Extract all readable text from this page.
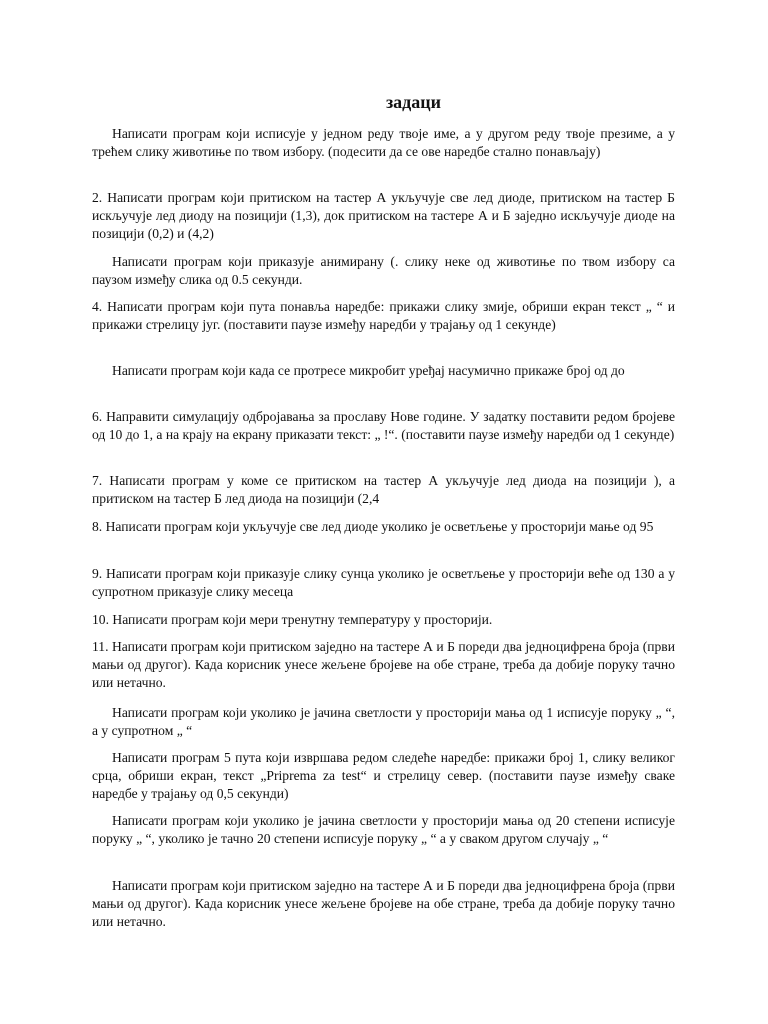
задаци

Написати програм који исписује у једном реду твоје име, а у другом реду твоје презиме, а у трећем слику животиње по твом избору. (подесити да се ове наредбе стално понављају)

2. Написати програм који притиском на тастер А укључује све лед диоде, притиском на тастер Б искључује лед диоду на позицији (1,3), док притиском на тастере А и Б заједно искључује диоде на позицији (0,2) и (4,2)

Написати програм који приказује анимирану (. слику неке од животиње по твом избору са паузом између слика од 0.5 секунди.

4. Написати програм који пута понавља наредбе: прикажи слику змије, обриши екран текст „ “ и прикажи стрелицу југ. (поставити паузе између наредби у трајању од 1 секунде)

Написати програм који када се протресе микробит уређај насумично прикаже број од до

6. Направити симулацију одбројавања за прославу Нове године. У задатку поставити редом бројеве од 10 до 1, а на крају на екрану приказати текст: „ !“. (поставити паузе између наредби од 1 секунде)

7. Написати програм у коме се притиском на тастер А укључује лед диода на позицији ), а притиском на тастер Б лед диода на позицији (2,4

8. Написати програм који укључује све лед диоде уколико је осветљење у просторији мање од 95

9. Написати програм који приказује слику сунца уколико је осветљење у просторији веће од 130 а у супротном приказује слику месеца

10. Написати програм који мери тренутну температуру у просторији.

11. Написати програм који притиском заједно на тастере А и Б пореди два једноцифрена броја (први мањи од другог). Када корисник унесе жељене бројеве на обе стране, треба да добије поруку тачно или нетачно.

Написати програм који уколико је јачина светлости у просторији мања од 1 исписује поруку „ “, а у супротном „ “

Написати програм 5 пута који извршава редом следеће наредбе: прикажи број 1, слику великог срца, обриши екран, текст „Priprema za test“ и стрелицу север. (поставити паузе између сваке наредбе у трајању од 0,5 секунди)

Написати програм који уколико је јачина светлости у просторији мања од 20 степени исписује поруку „ “, уколико је тачно 20 степени исписује поруку „ “ а у сваком другом случају „ “

Написати програм који притиском заједно на тастере А и Б пореди два једноцифрена броја (први мањи од другог). Када корисник унесе жељене бројеве на обе стране, треба да добије поруку тачно или нетачно.
